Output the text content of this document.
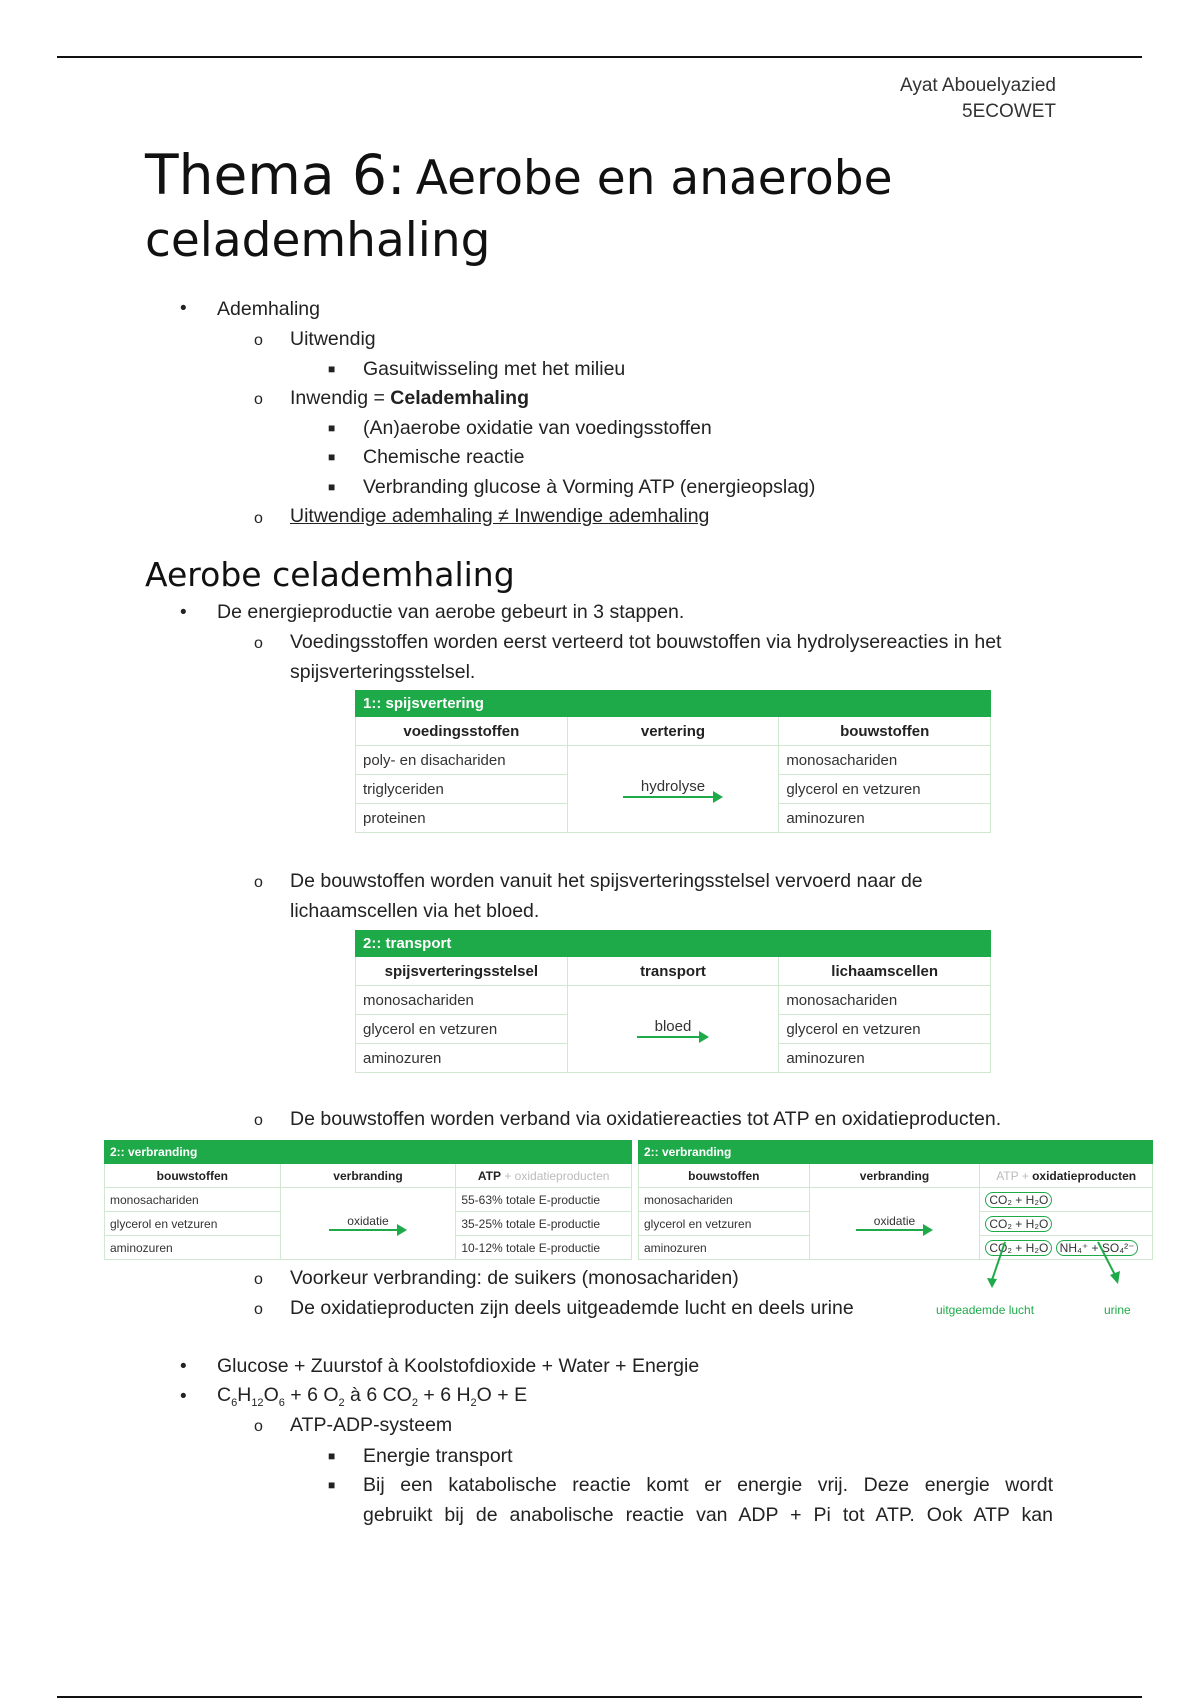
Ayat Abouelyazied
5ECOWET
Thema 6: Aerobe en anaerobe
celademhaling
• Ademhaling
o Uitwendig
■ Gasuitwisseling met het milieu
o Inwendig = Celademhaling
■ (An)aerobe oxidatie van voedingsstoffen
■ Chemische reactie
■ Verbranding glucose à Vorming ATP (energieopslag)
o Uitwendige ademhaling ≠ Inwendige ademhaling
Aerobe celademhaling
• De energieproductie van aerobe gebeurt in 3 stappen.
o Voedingsstoffen worden eerst verteerd tot bouwstoffen via hydrolysereacties in het
spijsverteringsstelsel.
1:: spijsvertering		
voedingsstoffen	vertering	bouwstoffen
poly- en disachariden	hydrolyse	monosachariden
triglyceriden		glycerol en vetzuren
proteinen		aminozuren
o De bouwstoffen worden vanuit het spijsverteringsstelsel vervoerd naar de
lichaamscellen via het bloed.
2:: transport		
spijsverteringsstelsel	transport	lichaamscellen
monosachariden	bloed	monosachariden
glycerol en vetzuren		glycerol en vetzuren
aminozuren		aminozuren
o De bouwstoffen worden verband via oxidatiereacties tot ATP en oxidatieproducten.
2:: verbranding		
bouwstoffen	verbranding	ATP + oxidatieproducten
monosachariden	oxidatie	55-63% totale E-productie
glycerol en vetzuren		35-25% totale E-productie
aminozuren		10-12% totale E-productie
2:: verbranding		
bouwstoffen	verbranding	ATP + oxidatieproducten
monosachariden	oxidatie	CO₂ + H₂O
glycerol en vetzuren		CO₂ + H₂O
aminozuren		CO₂ + H₂O NH₄⁺ + SO₄²⁻
uitgeademde lucht	urine
o Voorkeur verbranding: de suikers (monosachariden)
o De oxidatieproducten zijn deels uitgeademde lucht en deels urine
• Glucose + Zuurstof à Koolstofdioxide + Water + Energie
• $C_6H_{12}O_6 + 6$ $O_2$ à 6 $CO_2 + 6$ $H_2O + E$
o ATP-ADP-systeem
■ Energie transport
■ Bij een katabolische reactie komt er energie vrij. Deze energie wordt
gebruikt bij de anabolische reactie van ADP + Pi tot ATP. Ook ATP kan
